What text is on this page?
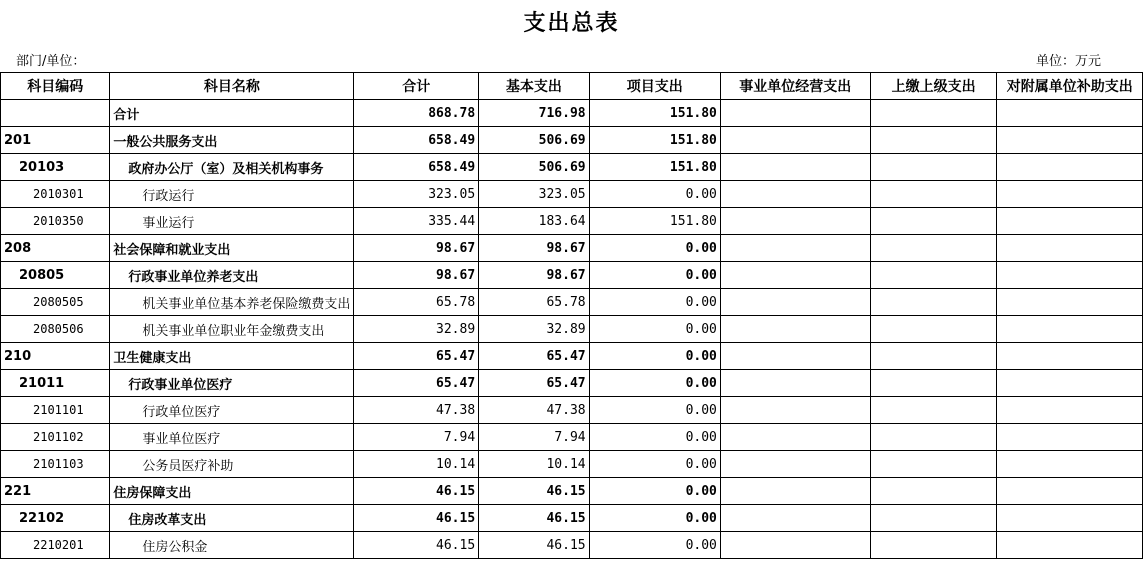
支出总表
部门/单位：	单位：万元
科目编码	科目名称	合计	基本支出	项目支出	事业单位经营支出	上缴上级支出	对附属单位补助支出
	合计	868.78	716.98	151.80			
201	一般公共服务支出	658.49	506.69	151.80			
20103	政府办公厅（室）及相关机构事务	658.49	506.69	151.80			
2010301	行政运行	323.05	323.05	0.00			
2010350	事业运行	335.44	183.64	151.80			
208	社会保障和就业支出	98.67	98.67	0.00			
20805	行政事业单位养老支出	98.67	98.67	0.00			
2080505	机关事业单位基本养老保险缴费支出	65.78	65.78	0.00			
2080506	机关事业单位职业年金缴费支出	32.89	32.89	0.00			
210	卫生健康支出	65.47	65.47	0.00			
21011	行政事业单位医疗	65.47	65.47	0.00			
2101101	行政单位医疗	47.38	47.38	0.00			
2101102	事业单位医疗	7.94	7.94	0.00			
2101103	公务员医疗补助	10.14	10.14	0.00			
221	住房保障支出	46.15	46.15	0.00			
22102	住房改革支出	46.15	46.15	0.00			
2210201	住房公积金	46.15	46.15	0.00			
